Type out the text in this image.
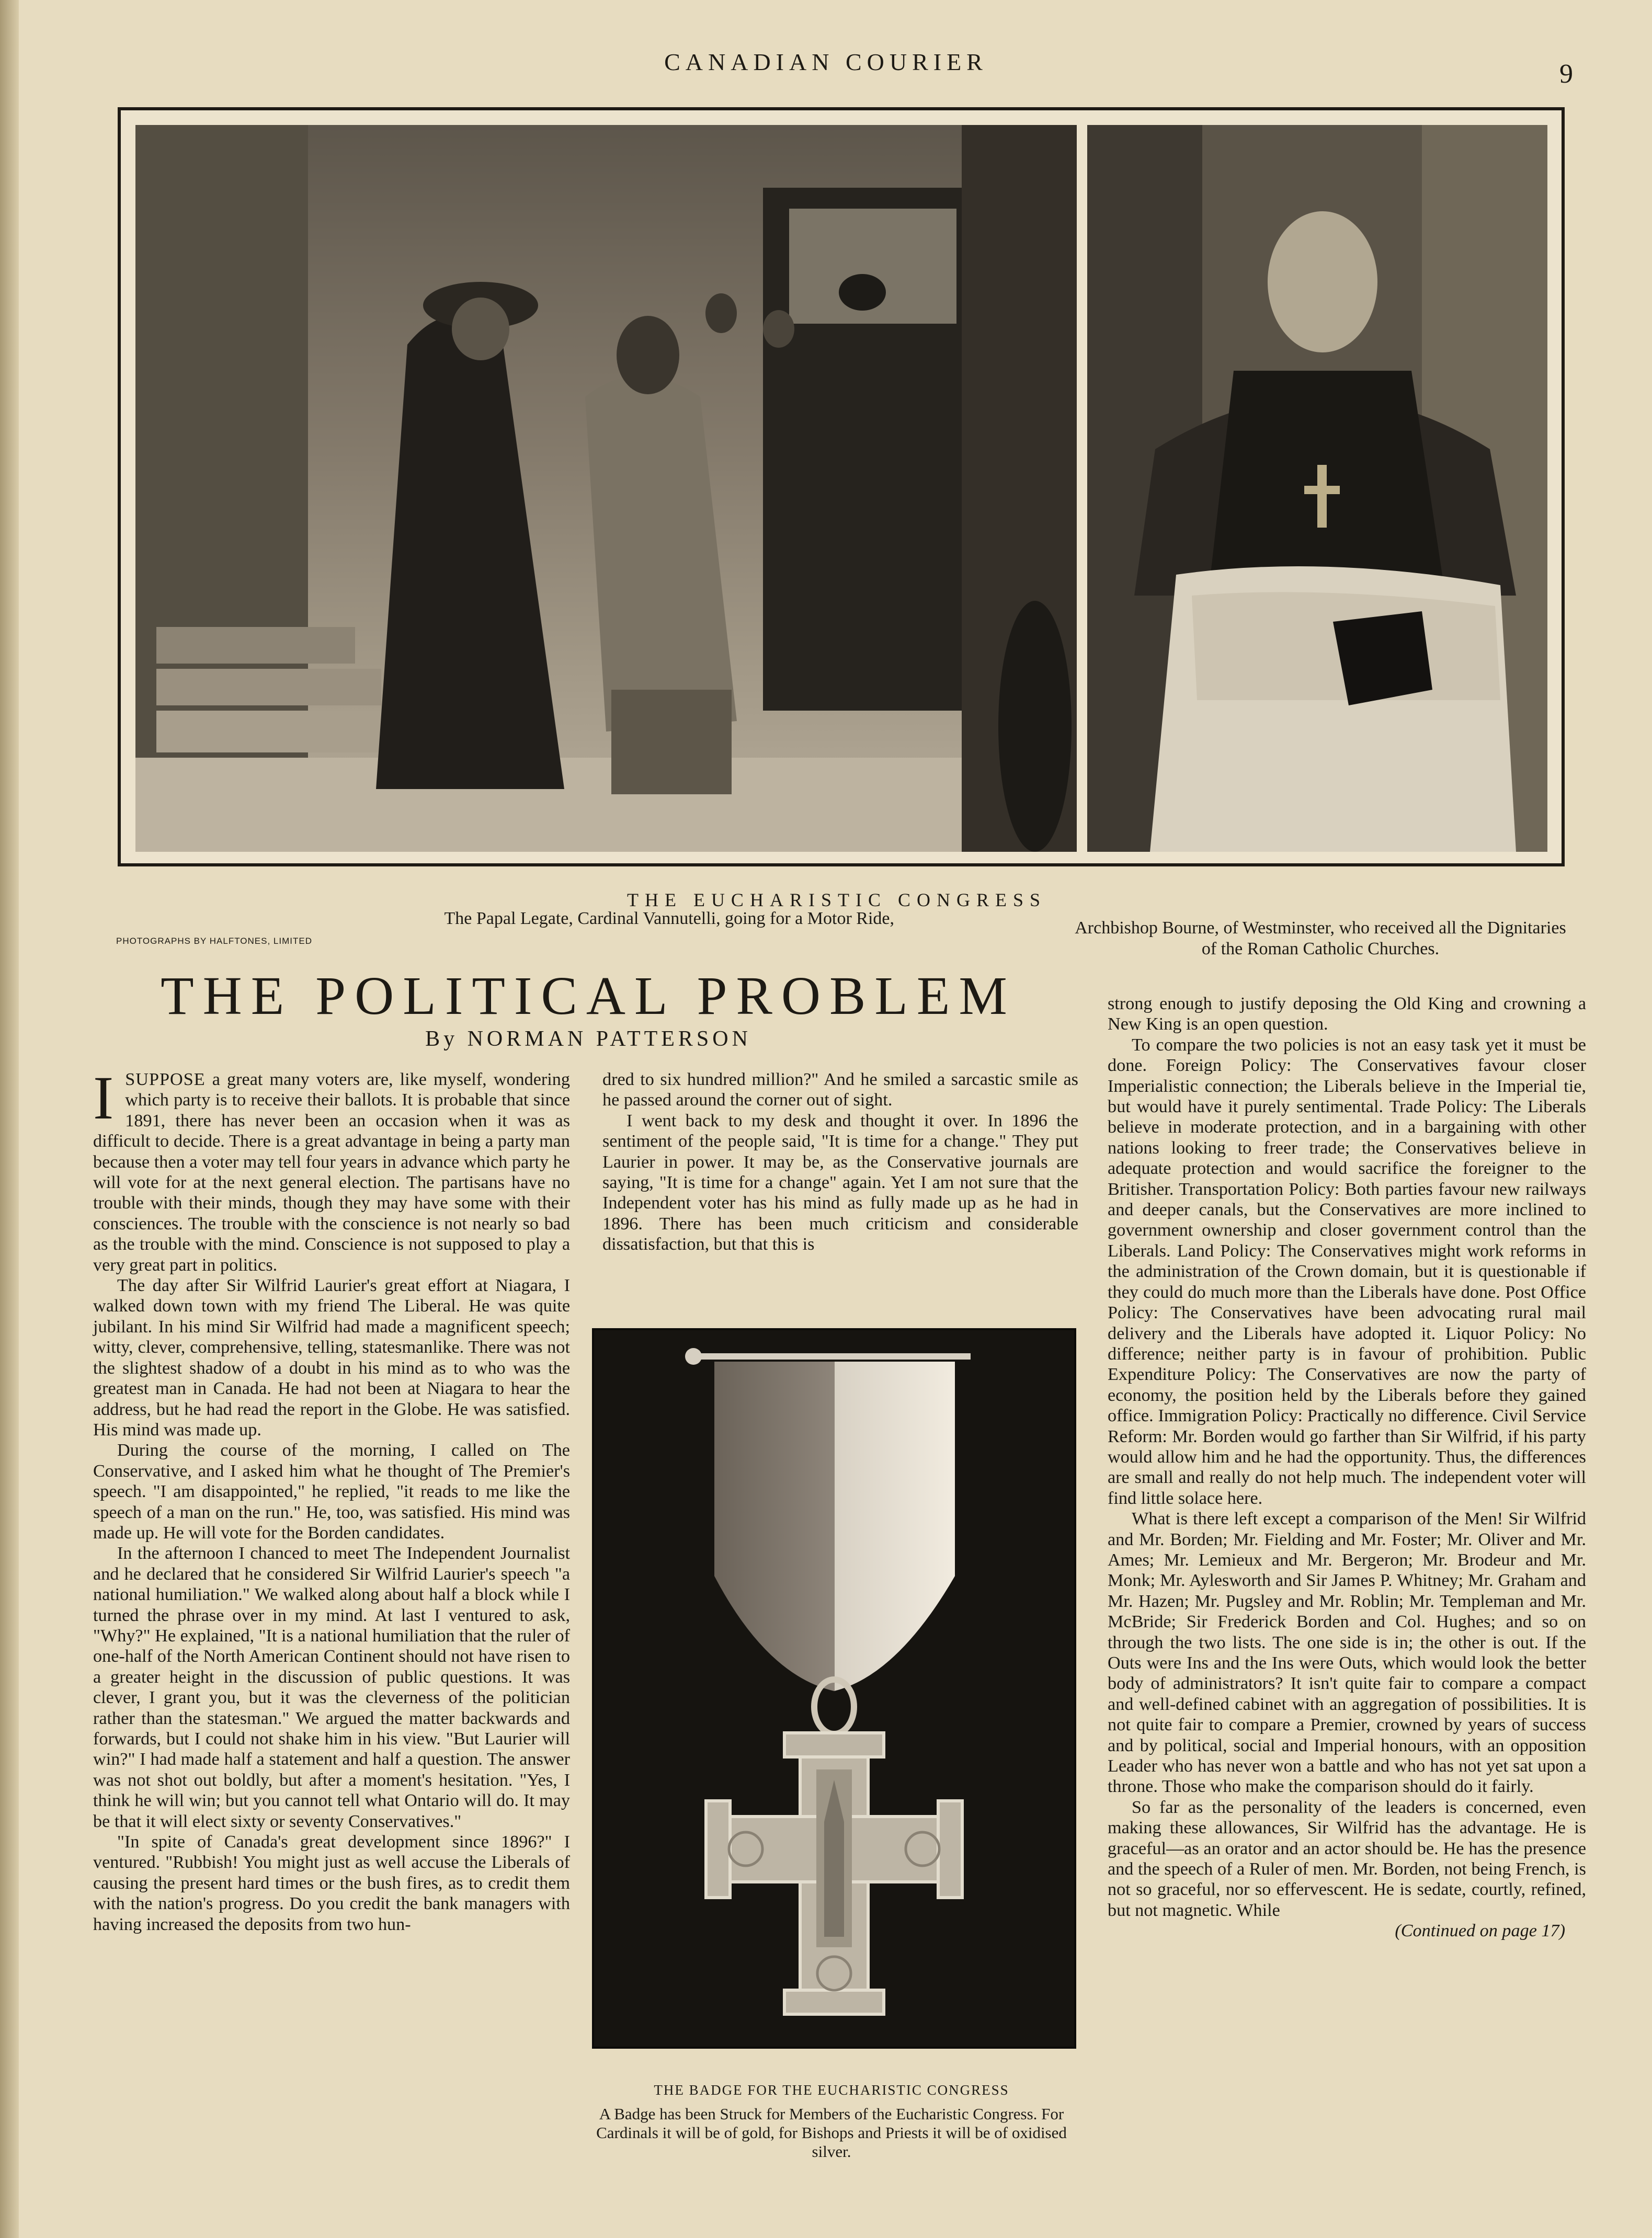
CANADIAN COURIER	9
THE EUCHARISTIC CONGRESS
The Papal Legate, Cardinal Vannutelli, going for a Motor Ride,
PHOTOGRAPHS BY HALFTONES, LIMITED
Archbishop Bourne, of Westminster, who received all the Dignitaries of the Roman Catholic Churches.
THE POLITICAL PROBLEM
By NORMAN PATTERSON

ISUPPOSE a great many voters are, like myself, wondering which party is to receive their ballots. It is probable that since 1891, there has never been an occasion when it was as difficult to decide. There is a great advantage in being a party man because then a voter may tell four years in advance which party he will vote for at the next general election. The partisans have no trouble with their minds, though they may have some with their consciences. The trouble with the conscience is not nearly so bad as the trouble with the mind. Conscience is not supposed to play a very great part in politics.

The day after Sir Wilfrid Laurier's great effort at Niagara, I walked down town with my friend The Liberal. He was quite jubilant. In his mind Sir Wilfrid had made a magnificent speech; witty, clever, comprehensive, telling, statesmanlike. There was not the slightest shadow of a doubt in his mind as to who was the greatest man in Canada. He had not been at Niagara to hear the address, but he had read the report in the Globe. He was satisfied. His mind was made up.

During the course of the morning, I called on The Conservative, and I asked him what he thought of The Premier's speech. "I am disappointed," he replied, "it reads to me like the speech of a man on the run." He, too, was satisfied. His mind was made up. He will vote for the Borden candidates.

In the afternoon I chanced to meet The Independent Journalist and he declared that he considered Sir Wilfrid Laurier's speech "a national humiliation." We walked along about half a block while I turned the phrase over in my mind. At last I ventured to ask, "Why?" He explained, "It is a national humiliation that the ruler of one-half of the North American Continent should not have risen to a greater height in the discussion of public questions. It was clever, I grant you, but it was the cleverness of the politician rather than the statesman." We argued the matter backwards and forwards, but I could not shake him in his view. "But Laurier will win?" I had made half a statement and half a question. The answer was not shot out boldly, but after a moment's hesitation. "Yes, I think he will win; but you cannot tell what Ontario will do. It may be that it will elect sixty or seventy Conservatives."

"In spite of Canada's great development since 1896?" I ventured. "Rubbish! You might just as well accuse the Liberals of causing the present hard times or the bush fires, as to credit them with the nation's progress. Do you credit the bank managers with having increased the deposits from two hun-

dred to six hundred million?" And he smiled a sarcastic smile as he passed around the corner out of sight.

I went back to my desk and thought it over. In 1896 the sentiment of the people said, "It is time for a change." They put Laurier in power. It may be, as the Conservative journals are saying, "It is time for a change" again. Yet I am not sure that the Independent voter has his mind as fully made up as he had in 1896. There has been much criticism and considerable dissatisfaction, but that this is

THE BADGE FOR THE EUCHARISTIC CONGRESS
A Badge has been Struck for Members of the Eucharistic Congress. For Cardinals it will be of gold, for Bishops and Priests it will be of oxidised silver.

strong enough to justify deposing the Old King and crowning a New King is an open question.

To compare the two policies is not an easy task yet it must be done. Foreign Policy: The Conservatives favour closer Imperialistic connection; the Liberals believe in the Imperial tie, but would have it purely sentimental. Trade Policy: The Liberals believe in moderate protection, and in a bargaining with other nations looking to freer trade; the Conservatives believe in adequate protection and would sacrifice the foreigner to the Britisher. Transportation Policy: Both parties favour new railways and deeper canals, but the Conservatives are more inclined to government ownership and closer government control than the Liberals. Land Policy: The Conservatives might work reforms in the administration of the Crown domain, but it is questionable if they could do much more than the Liberals have done. Post Office Policy: The Conservatives have been advocating rural mail delivery and the Liberals have adopted it. Liquor Policy: No difference; neither party is in favour of prohibition. Public Expenditure Policy: The Conservatives are now the party of economy, the position held by the Liberals before they gained office. Immigration Policy: Practically no difference. Civil Service Reform: Mr. Borden would go farther than Sir Wilfrid, if his party would allow him and he had the opportunity. Thus, the differences are small and really do not help much. The independent voter will find little solace here.

What is there left except a comparison of the Men! Sir Wilfrid and Mr. Borden; Mr. Fielding and Mr. Foster; Mr. Oliver and Mr. Ames; Mr. Lemieux and Mr. Bergeron; Mr. Brodeur and Mr. Monk; Mr. Aylesworth and Sir James P. Whitney; Mr. Graham and Mr. Hazen; Mr. Pugsley and Mr. Roblin; Mr. Templeman and Mr. McBride; Sir Frederick Borden and Col. Hughes; and so on through the two lists. The one side is in; the other is out. If the Outs were Ins and the Ins were Outs, which would look the better body of administrators? It isn't quite fair to compare a compact and well-defined cabinet with an aggregation of possibilities. It is not quite fair to compare a Premier, crowned by years of success and by political, social and Imperial honours, with an opposition Leader who has never won a battle and who has not yet sat upon a throne. Those who make the comparison should do it fairly.

So far as the personality of the leaders is concerned, even making these allowances, Sir Wilfrid has the advantage. He is graceful—as an orator and an actor should be. He has the presence and the speech of a Ruler of men. Mr. Borden, not being French, is not so graceful, nor so effervescent. He is sedate, courtly, refined, but not magnetic. While

(Continued on page 17)
